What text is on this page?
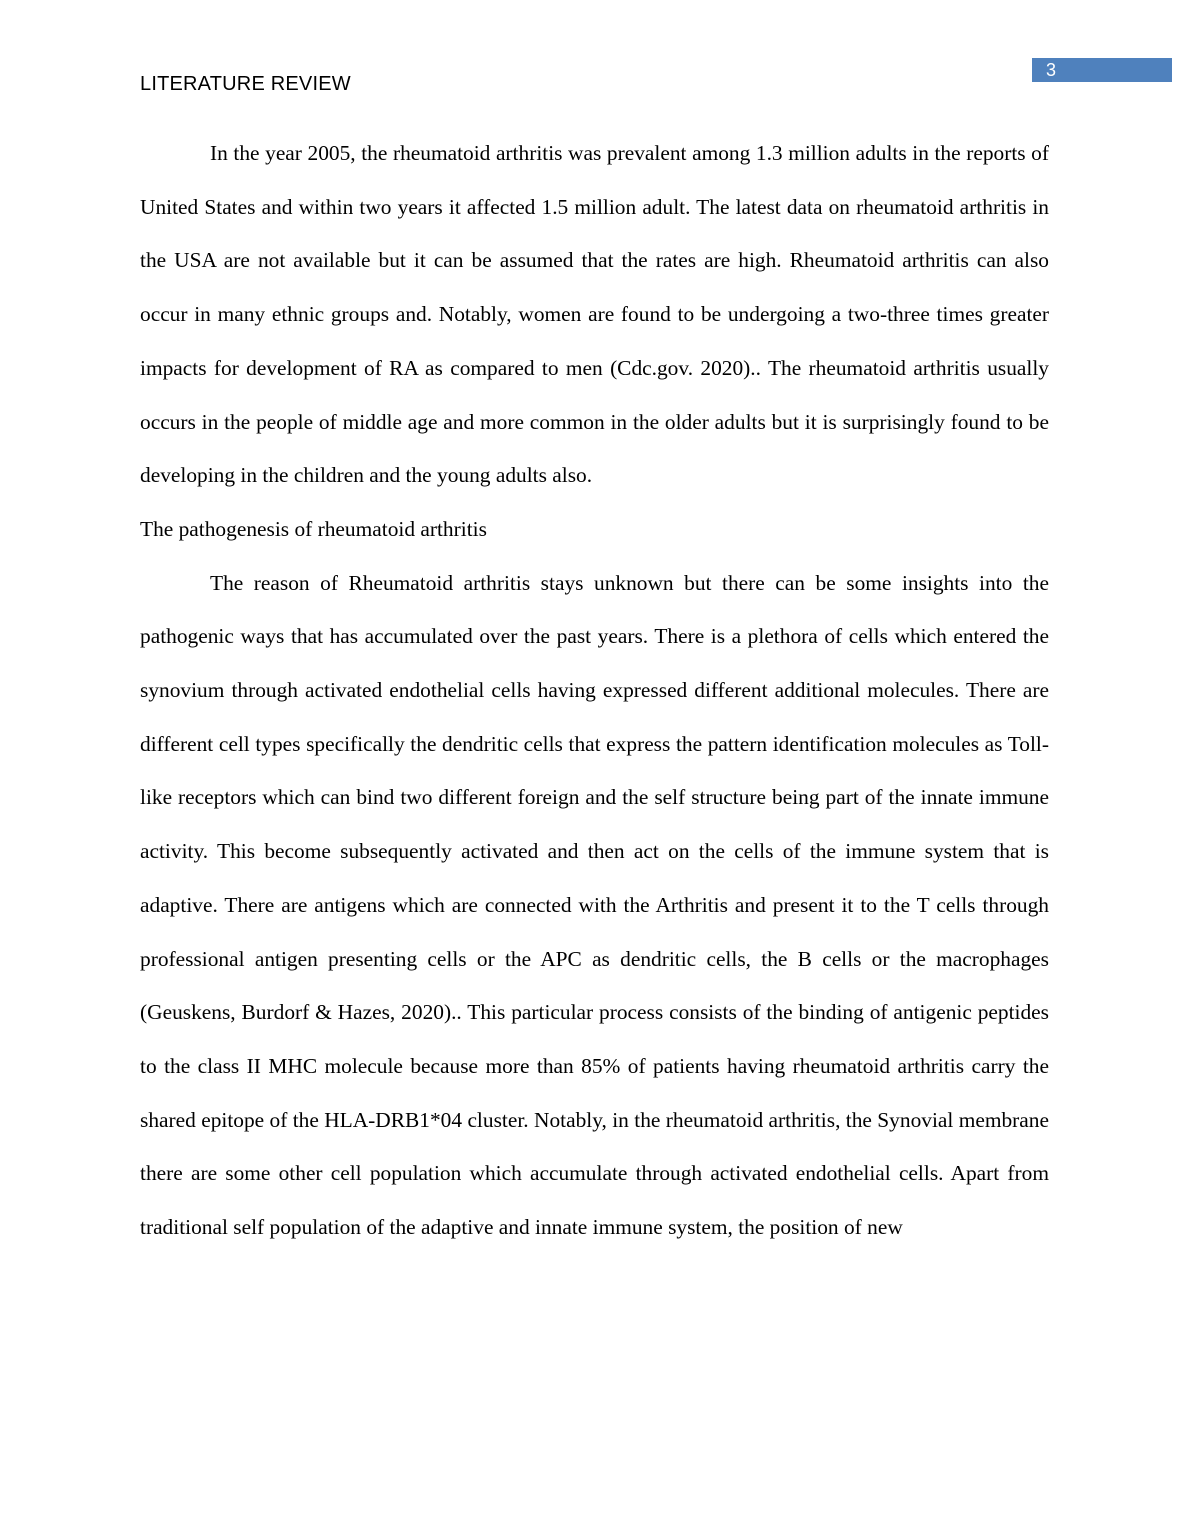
3
LITERATURE REVIEW

In the year 2005, the rheumatoid arthritis was prevalent among 1.3 million adults in the reports of United States and within two years it affected 1.5 million adult. The latest data on rheumatoid arthritis in the USA are not available but it can be assumed that the rates are high. Rheumatoid arthritis can also occur in many ethnic groups and. Notably, women are found to be undergoing a two-three times greater impacts for development of RA as compared to men (Cdc.gov. 2020).. The rheumatoid arthritis usually occurs in the people of middle age and more common in the older adults but it is surprisingly found to be developing in the children and the young adults also.

The pathogenesis of rheumatoid arthritis

The reason of Rheumatoid arthritis stays unknown but there can be some insights into the pathogenic ways that has accumulated over the past years. There is a plethora of cells which entered the synovium through activated endothelial cells having expressed different additional molecules. There are different cell types specifically the dendritic cells that express the pattern identification molecules as Toll-like receptors which can bind two different foreign and the self structure being part of the innate immune activity. This become subsequently activated and then act on the cells of the immune system that is adaptive. There are antigens which are connected with the Arthritis and present it to the T cells through professional antigen presenting cells or the APC as dendritic cells, the B cells or the macrophages (Geuskens, Burdorf & Hazes, 2020).. This particular process consists of the binding of antigenic peptides to the class II MHC molecule because more than 85% of patients having rheumatoid arthritis carry the shared epitope of the HLA-DRB1*04 cluster. Notably, in the rheumatoid arthritis, the Synovial membrane there are some other cell population which accumulate through activated endothelial cells. Apart from traditional self population of the adaptive and innate immune system, the position of new
